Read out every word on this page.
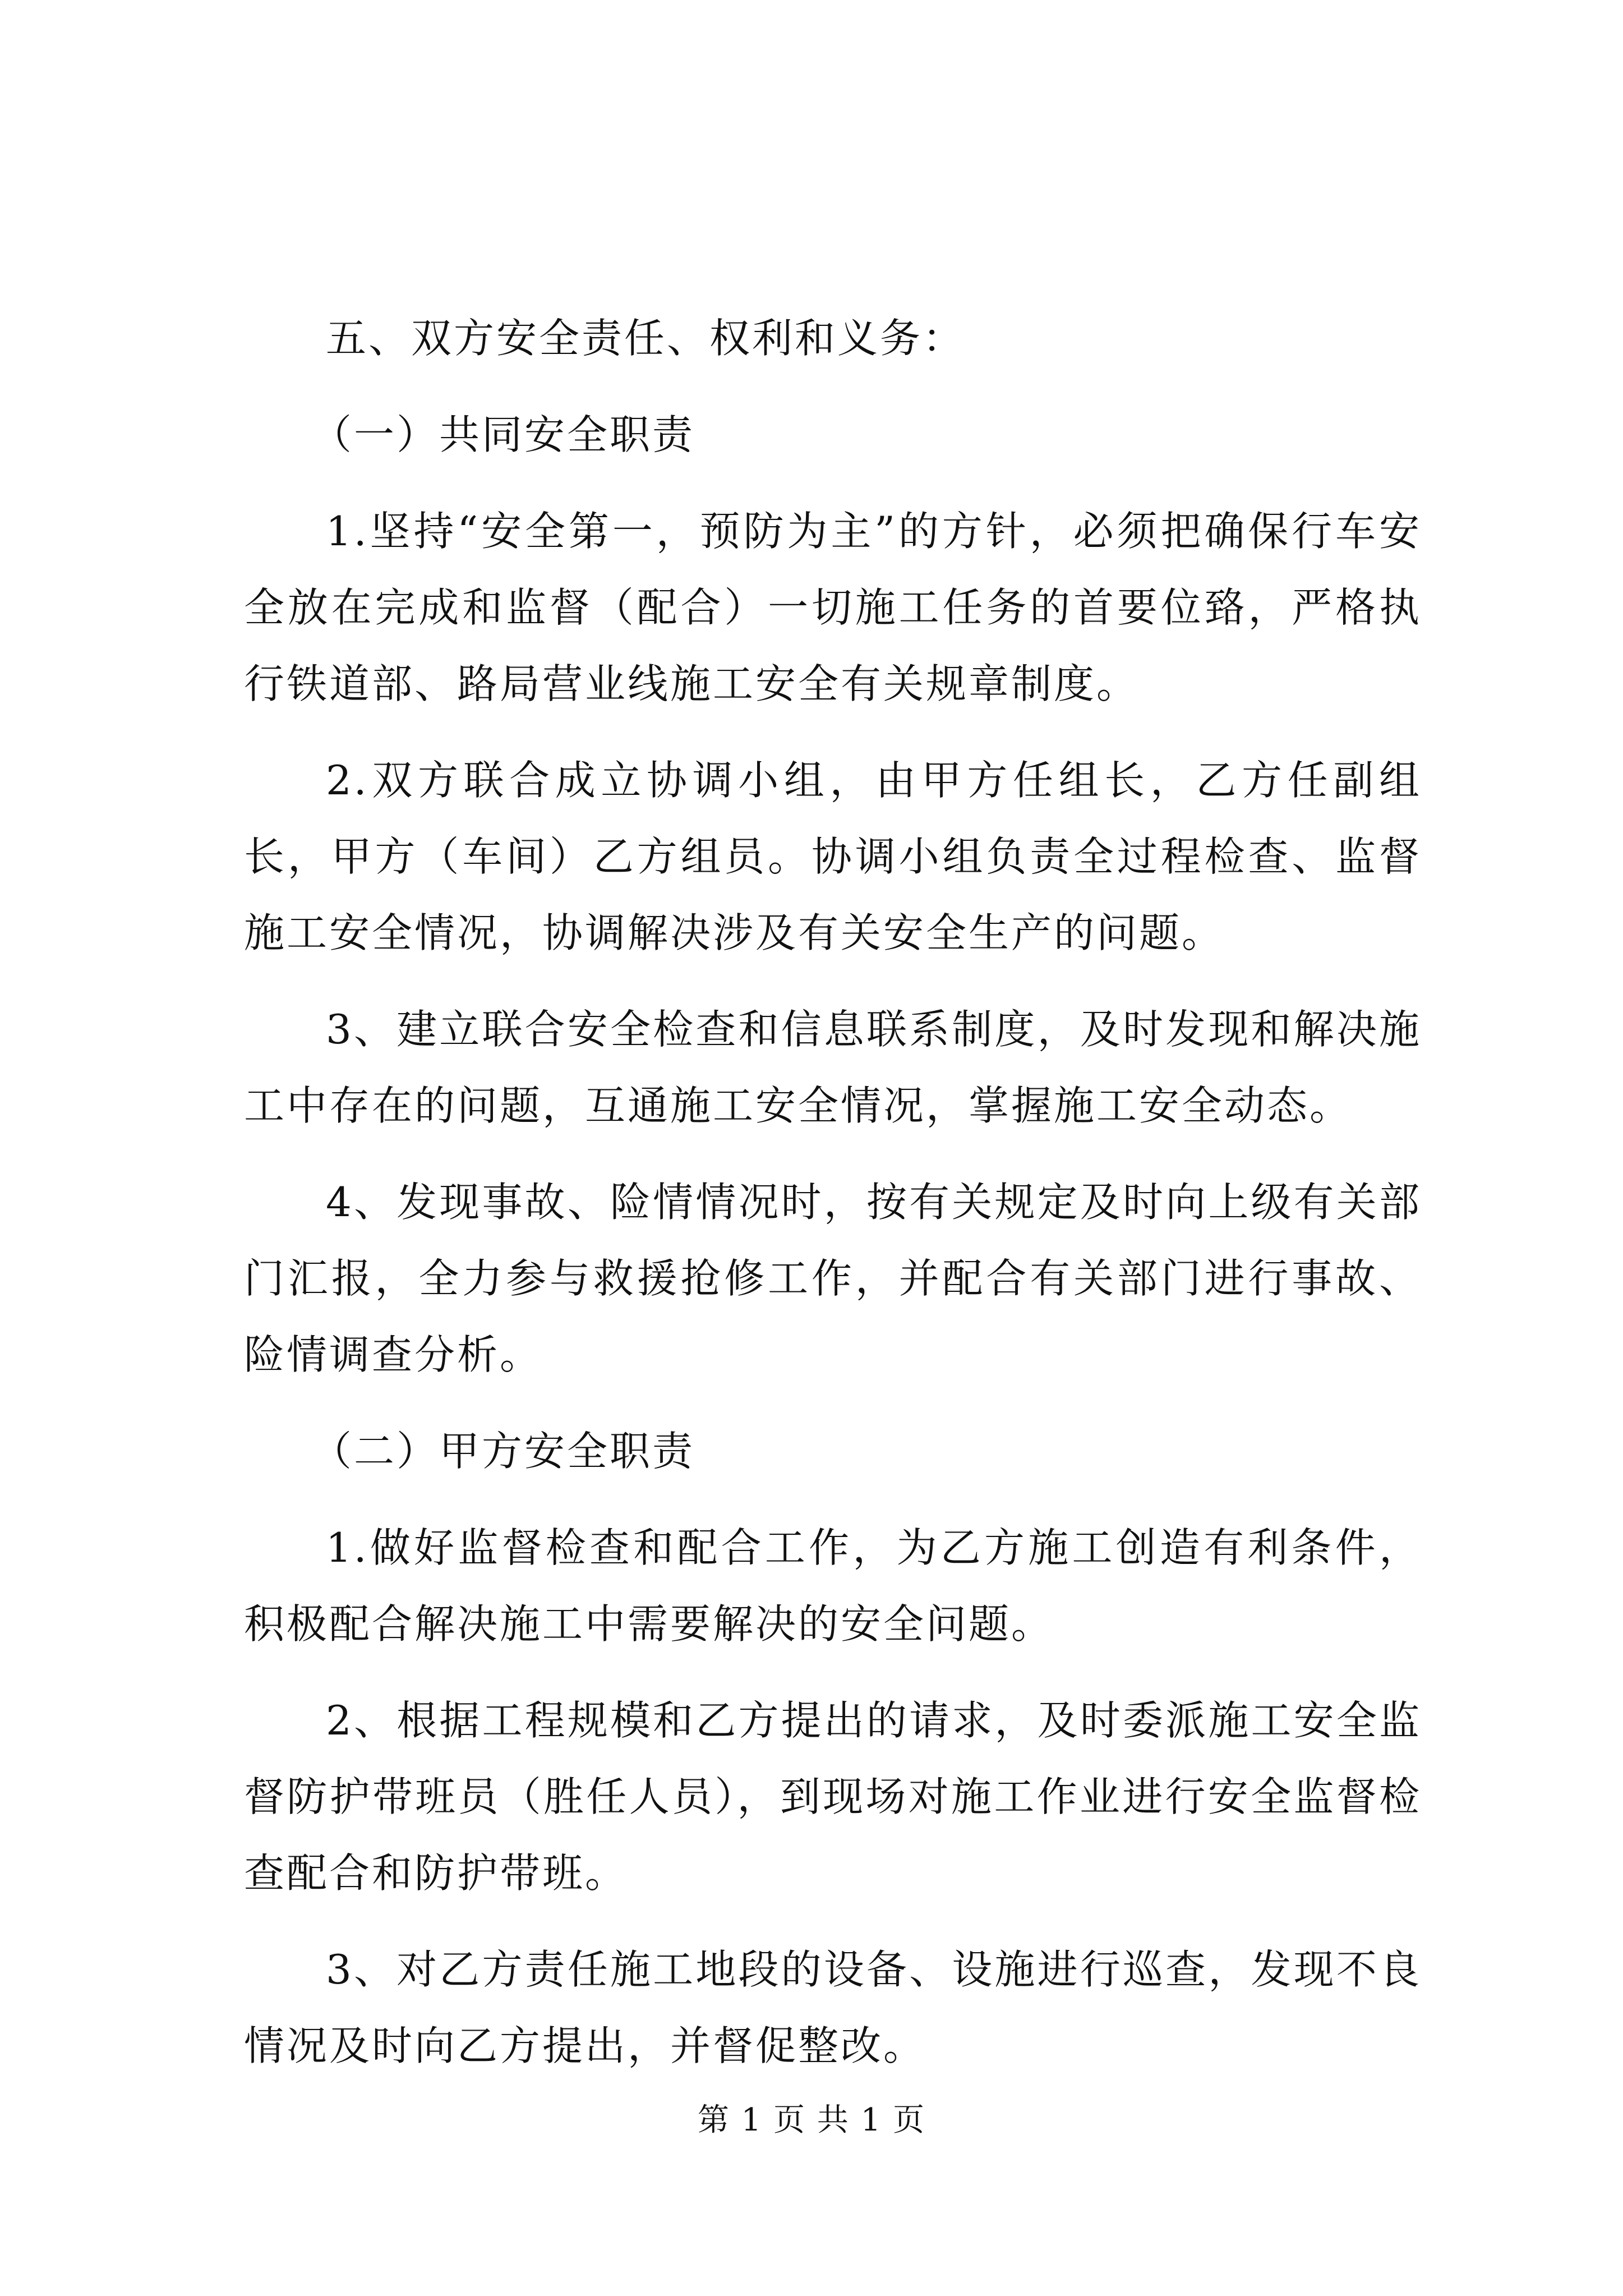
五、双方安全责任、权利和义务：

（一）共同安全职责

1.坚持“安全第一，预防为主”的方针，必须把确保行车安全放在完成和监督（配合）一切施工任务的首要位臵，严格执行铁道部、路局营业线施工安全有关规章制度。

2.双方联合成立协调小组，由甲方任组长，乙方任副组长，甲方（车间）乙方组员。协调小组负责全过程检查、监督施工安全情况，协调解决涉及有关安全生产的问题。

3、建立联合安全检查和信息联系制度，及时发现和解决施工中存在的问题，互通施工安全情况，掌握施工安全动态。

4、发现事故、险情情况时，按有关规定及时向上级有关部门汇报，全力参与救援抢修工作，并配合有关部门进行事故、险情调查分析。

（二）甲方安全职责

1.做好监督检查和配合工作，为乙方施工创造有利条件，积极配合解决施工中需要解决的安全问题。

2、根据工程规模和乙方提出的请求，及时委派施工安全监督防护带班员（胜任人员），到现场对施工作业进行安全监督检查配合和防护带班。

3、对乙方责任施工地段的设备、设施进行巡查，发现不良情况及时向乙方提出，并督促整改。

第 1 页 共 1 页
